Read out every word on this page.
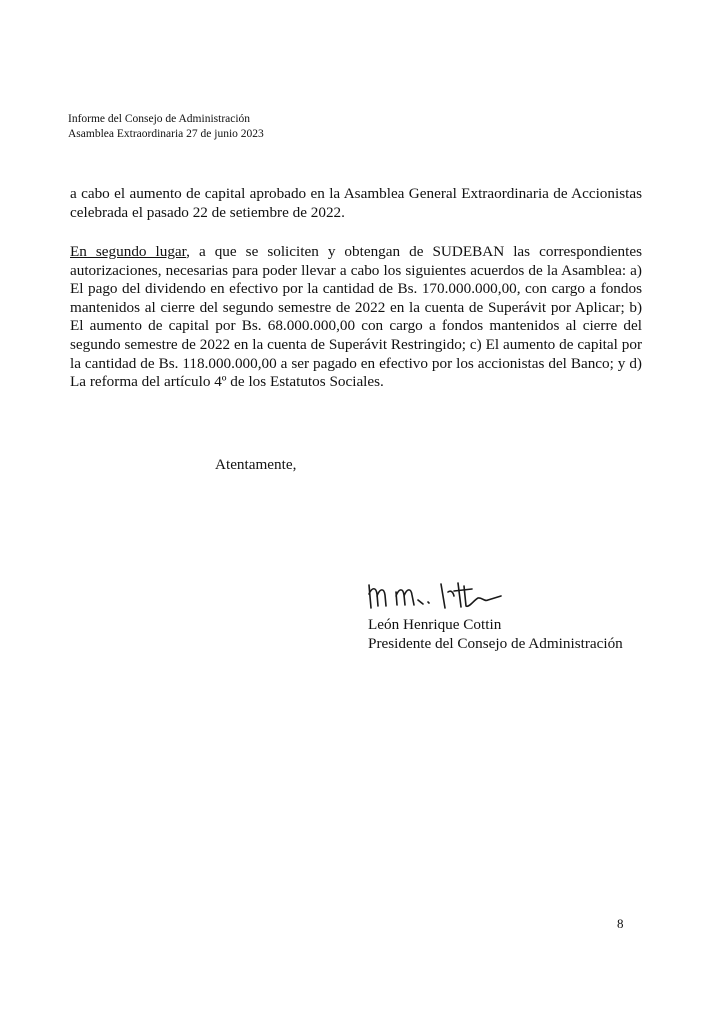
Informe del Consejo de Administración
Asamblea Extraordinaria 27 de junio 2023
a cabo el aumento de capital aprobado en la Asamblea General Extraordinaria de Accionistas celebrada el pasado 22 de setiembre de 2022.
En segundo lugar, a que se soliciten y obtengan de SUDEBAN las correspondientes autorizaciones, necesarias para poder llevar a cabo los siguientes acuerdos de la Asamblea: a) El pago del dividendo en efectivo por la cantidad de Bs. 170.000.000,00, con cargo a fondos mantenidos al cierre del segundo semestre de 2022 en la cuenta de Superávit por Aplicar; b) El aumento de capital por Bs. 68.000.000,00 con cargo a fondos mantenidos al cierre del segundo semestre de 2022 en la cuenta de Superávit Restringido; c) El aumento de capital por la cantidad de Bs. 118.000.000,00 a ser pagado en efectivo por los accionistas del Banco; y d) La reforma del artículo 4º de los Estatutos Sociales.
Atentamente,
León Henrique Cottin
Presidente del Consejo de Administración
8
